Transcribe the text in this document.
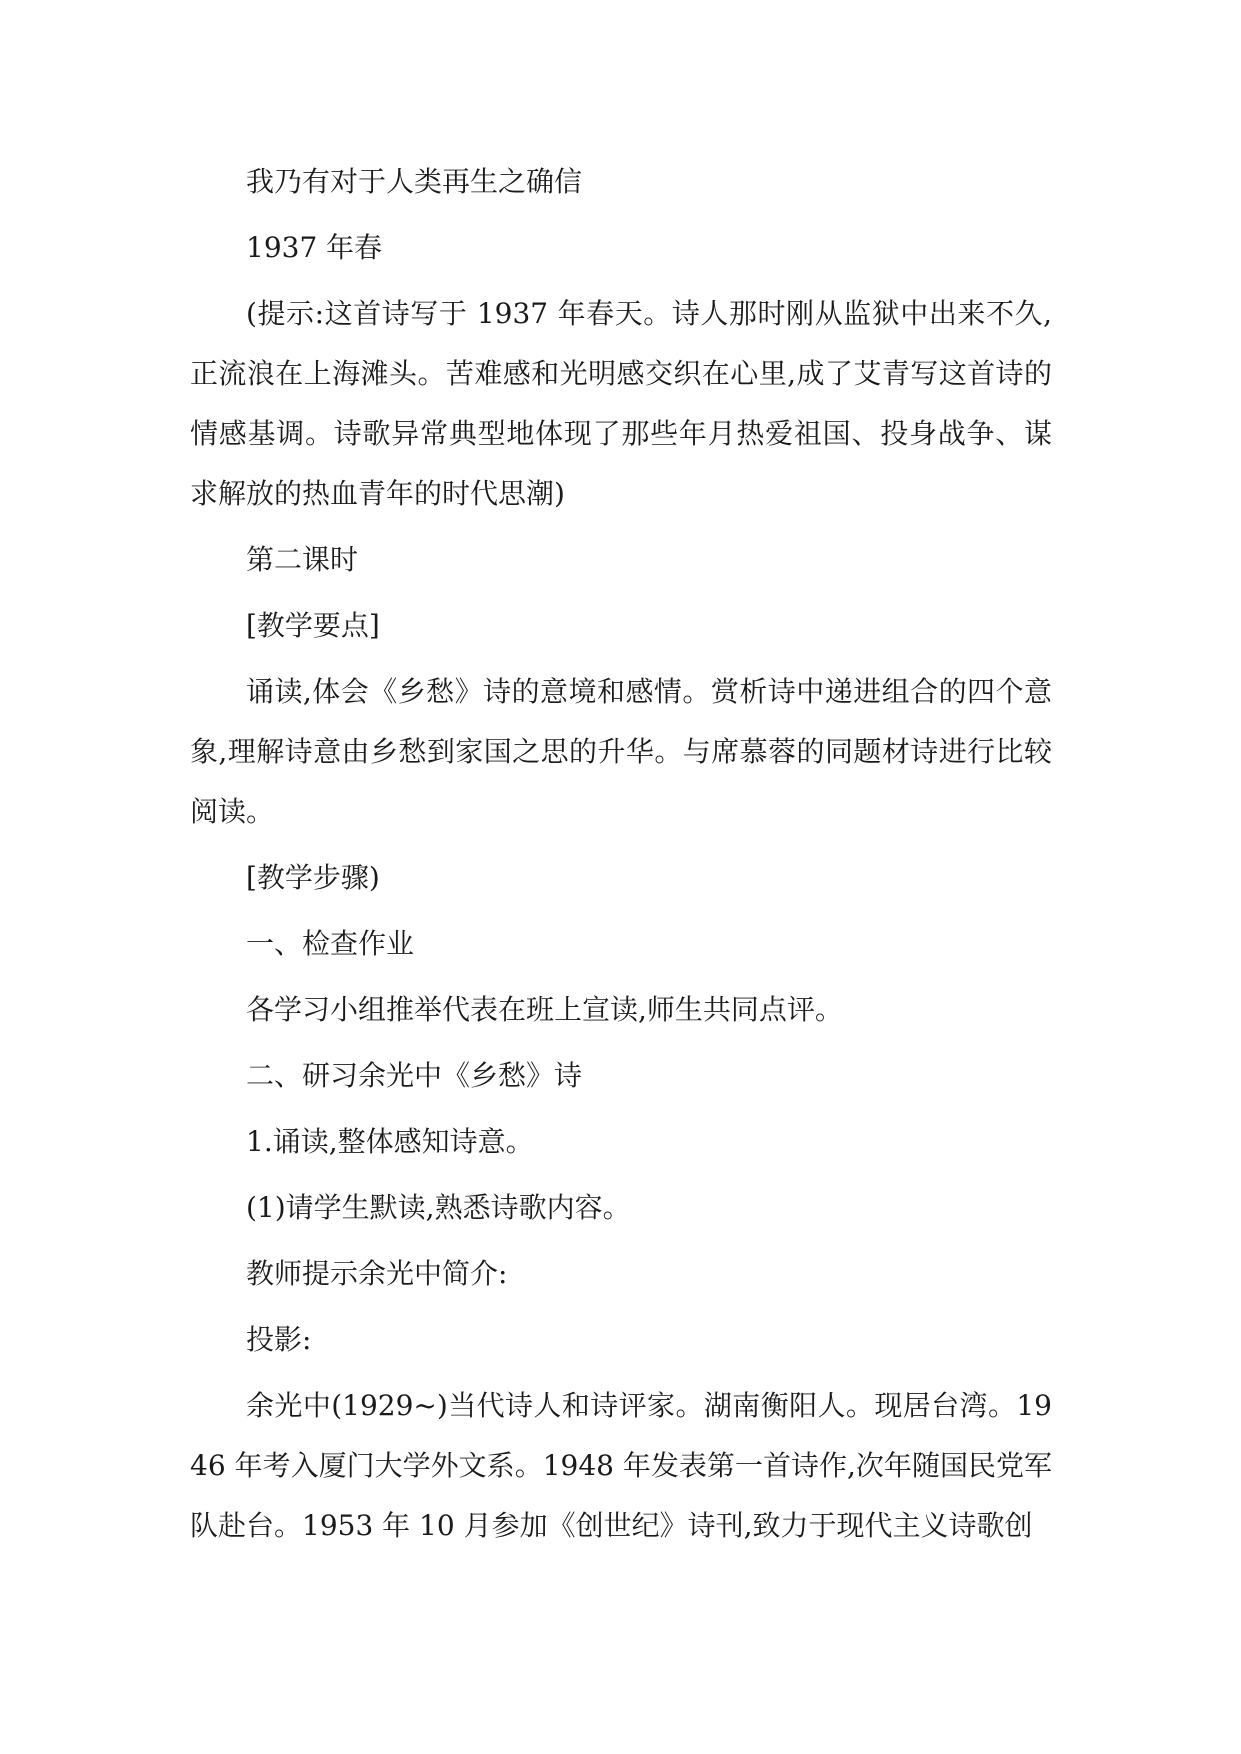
我乃有对于人类再生之确信

1937 年春

(提示:这首诗写于 1937 年春天。诗人那时刚从监狱中出来不久,正流浪在上海滩头。苦难感和光明感交织在心里,成了艾青写这首诗的情感基调。诗歌异常典型地体现了那些年月热爱祖国、投身战争、谋求解放的热血青年的时代思潮)

第二课时

[教学要点]

诵读,体会《乡愁》诗的意境和感情。赏析诗中递进组合的四个意象,理解诗意由乡愁到家国之思的升华。与席慕蓉的同题材诗进行比较阅读。

[教学步骤)

一、检查作业

各学习小组推举代表在班上宣读,师生共同点评。

二、研习余光中《乡愁》诗

1.诵读,整体感知诗意。

(1)请学生默读,熟悉诗歌内容。

教师提示余光中简介:

投影:

余光中(1929~)当代诗人和诗评家。湖南衡阳人。现居台湾。1946 年考入厦门大学外文系。1948 年发表第一首诗作,次年随国民党军队赴台。1953 年 10 月参加《创世纪》诗刊,致力于现代主义诗歌创
